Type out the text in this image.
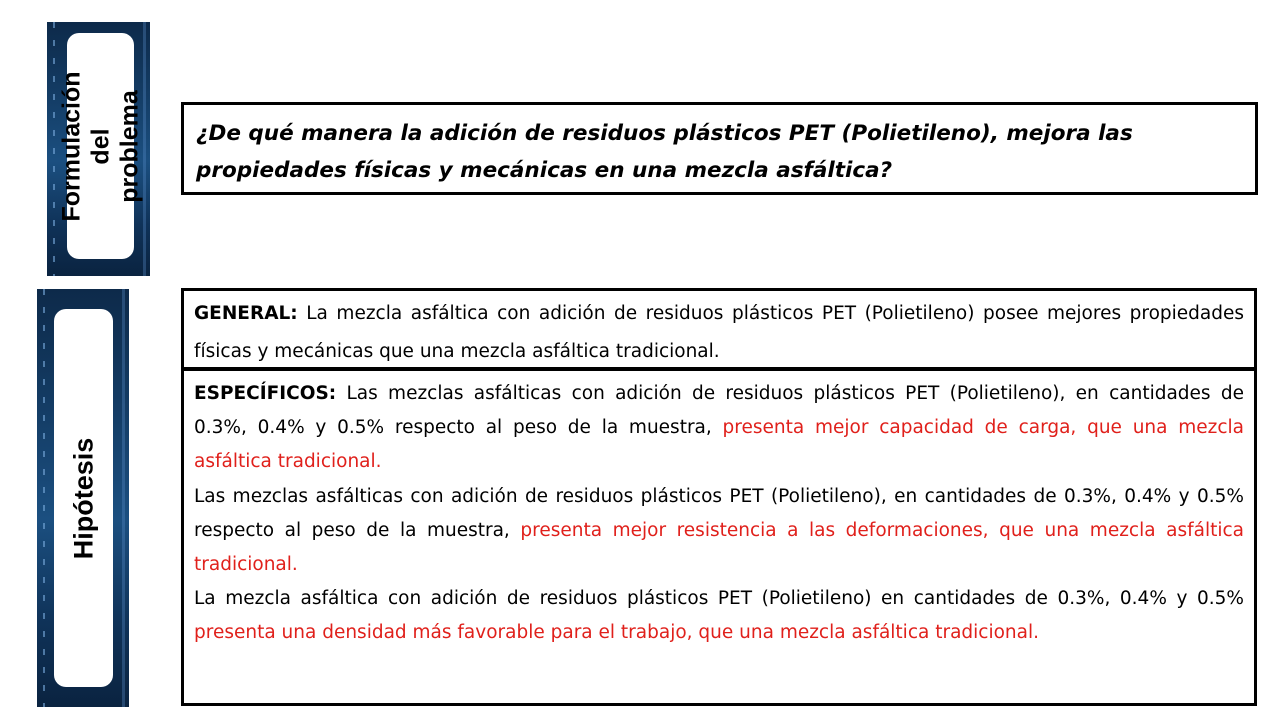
Formulación
del
problema
Hipótesis
¿De qué manera la adición de residuos plásticos PET (Polietileno), mejora las propiedades físicas y mecánicas en una mezcla asfáltica?
GENERAL: La mezcla asfáltica con adición de residuos plásticos PET (Polietileno) posee mejores propiedades físicas y mecánicas que una mezcla asfáltica tradicional.

ESPECÍFICOS: Las mezclas asfálticas con adición de residuos plásticos PET (Polietileno), en cantidades de 0.3%, 0.4% y 0.5% respecto al peso de la muestra, presenta mejor capacidad de carga, que una mezcla asfáltica tradicional.

Las mezclas asfálticas con adición de residuos plásticos PET (Polietileno), en cantidades de 0.3%, 0.4% y 0.5% respecto al peso de la muestra, presenta mejor resistencia a las deformaciones, que una mezcla asfáltica tradicional.

La mezcla asfáltica con adición de residuos plásticos PET (Polietileno) en cantidades de 0.3%, 0.4% y 0.5% presenta una densidad más favorable para el trabajo, que una mezcla asfáltica tradicional.
